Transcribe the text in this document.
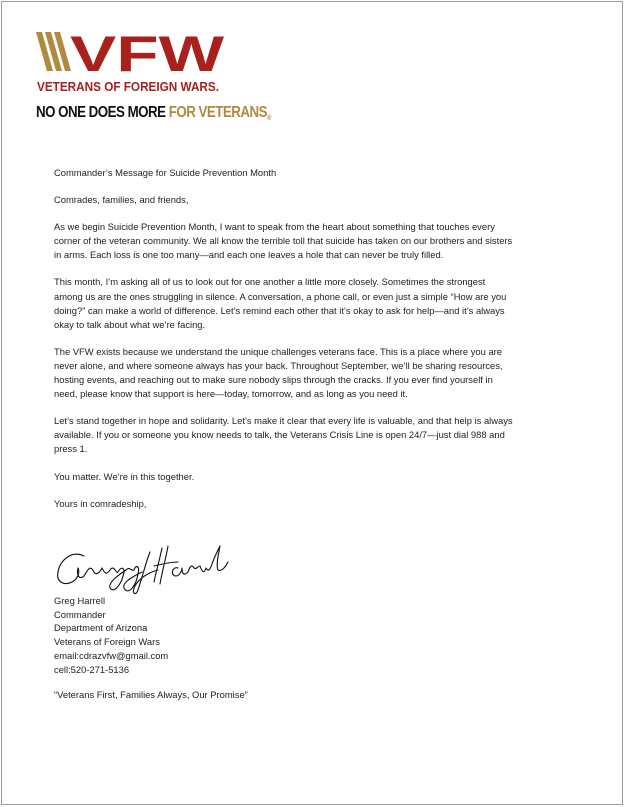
VFW
VETERANS OF FOREIGN WARS.
NO ONE DOES MORE FOR VETERANS®

Commander’s Message for Suicide Prevention Month

Comrades, families, and friends,

As we begin Suicide Prevention Month, I want to speak from the heart about something that touches every corner of the veteran community. We all know the terrible toll that suicide has taken on our brothers and sisters in arms. Each loss is one too many—and each one leaves a hole that can never be truly filled.

This month, I’m asking all of us to look out for one another a little more closely. Sometimes the strongest among us are the ones struggling in silence. A conversation, a phone call, or even just a simple “How are you doing?” can make a world of difference. Let’s remind each other that it’s okay to ask for help—and it’s always okay to talk about what we’re facing.

The VFW exists because we understand the unique challenges veterans face. This is a place where you are never alone, and where someone always has your back. Throughout September, we’ll be sharing resources, hosting events, and reaching out to make sure nobody slips through the cracks. If you ever find yourself in need, please know that support is here—today, tomorrow, and as long as you need it.

Let’s stand together in hope and solidarity. Let’s make it clear that every life is valuable, and that help is always available. If you or someone you know needs to talk, the Veterans Crisis Line is open 24/7—just dial 988 and press 1.

You matter. We’re in this together.

Yours in comradeship,

Greg Harrell
Commander
Department of Arizona
Veterans of Foreign Wars
email:cdrazvfw@gmail.com
cell:520-271-5136
“Veterans First, Families Always, Our Promise”
